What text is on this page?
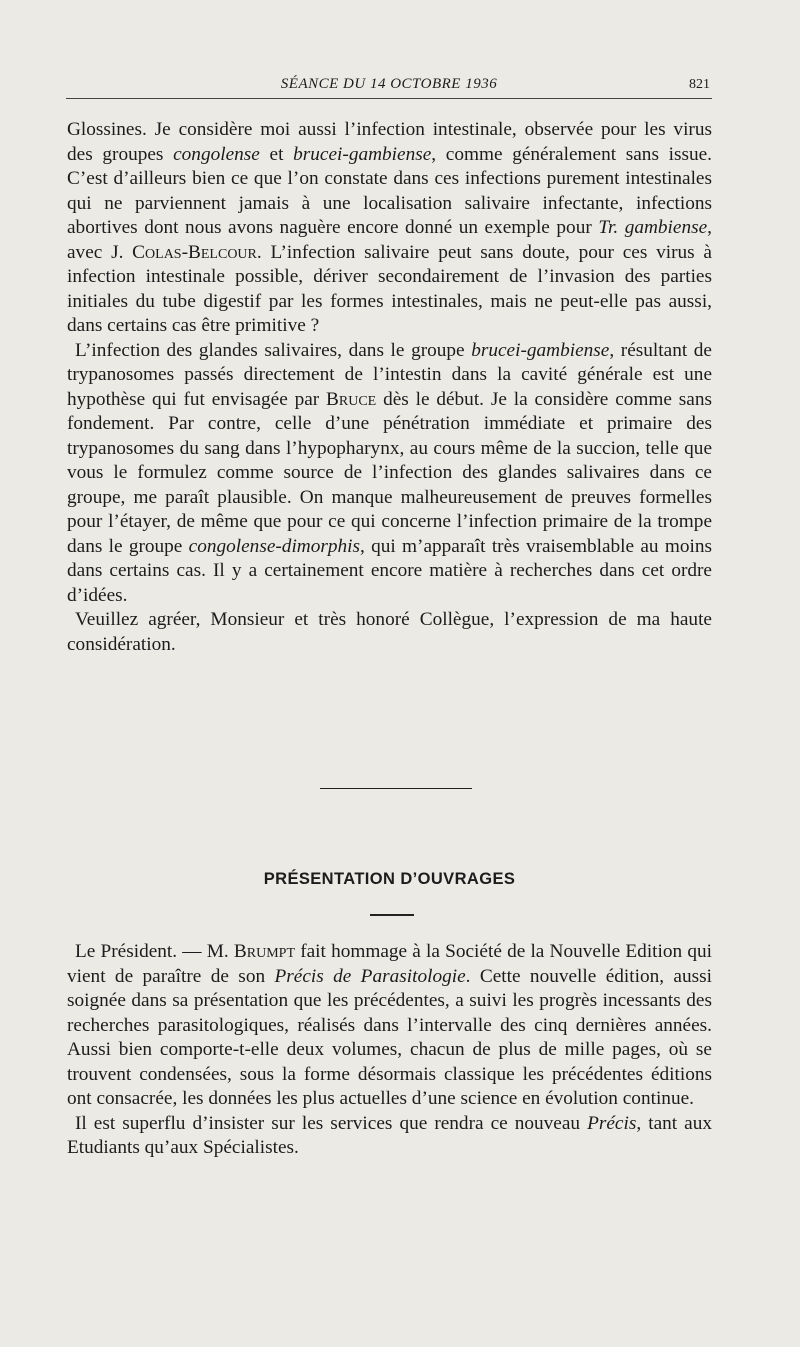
SÉANCE DU 14 OCTOBRE 1936	821

Glossines. Je considère moi aussi l’infection intestinale, observée pour les virus des groupes congolense et brucei-gambiense, comme généralement sans issue. C’est d’ailleurs bien ce que l’on constate dans ces infections purement intestinales qui ne parviennent jamais à une localisation salivaire infectante, infections abortives dont nous avons naguère encore donné un exemple pour Tr. gambiense, avec J. Colas-Belcour. L’infection salivaire peut sans doute, pour ces virus à infection intestinale possible, dériver secondairement de l’invasion des parties initiales du tube digestif par les formes intestinales, mais ne peut-elle pas aussi, dans certains cas être primitive ?

L’infection des glandes salivaires, dans le groupe brucei-gambiense, résultant de trypanosomes passés directement de l’intestin dans la cavité générale est une hypothèse qui fut envisagée par Bruce dès le début. Je la considère comme sans fondement. Par contre, celle d’une pénétration immédiate et primaire des trypanosomes du sang dans l’hypopharynx, au cours même de la succion, telle que vous le formulez comme source de l’infection des glandes salivaires dans ce groupe, me paraît plausible. On manque malheureusement de preuves formelles pour l’étayer, de même que pour ce qui concerne l’infection primaire de la trompe dans le groupe congolense-dimorphis, qui m’apparaît très vraisemblable au moins dans certains cas. Il y a certainement encore matière à recherches dans cet ordre d’idées.

Veuillez agréer, Monsieur et très honoré Collègue, l’expression de ma haute considération.

PRÉSENTATION D’OUVRAGES

Le Président. — M. Brumpt fait hommage à la Société de la Nouvelle Edition qui vient de paraître de son Précis de Parasitologie. Cette nouvelle édition, aussi soignée dans sa présentation que les précédentes, a suivi les progrès incessants des recherches parasitologiques, réalisés dans l’intervalle des cinq dernières années. Aussi bien comporte-t-elle deux volumes, chacun de plus de mille pages, où se trouvent condensées, sous la forme désormais classique les précédentes éditions ont consacrée, les données les plus actuelles d’une science en évolution continue.

Il est superflu d’insister sur les services que rendra ce nouveau Précis, tant aux Etudiants qu’aux Spécialistes.
